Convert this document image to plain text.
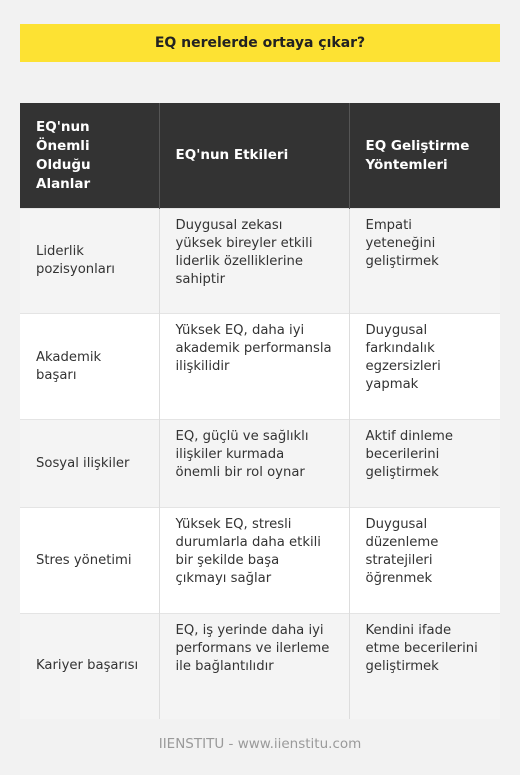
EQ nerelerde ortaya çıkar?
EQ'nun Önemli Olduğu Alanlar	EQ'nun Etkileri	EQ Geliştirme Yöntemleri
Liderlik pozisyonları	Duygusal zekası yüksek bireyler etkili liderlik özelliklerine sahiptir	Empati yeteneğini geliştirmek
Akademik başarı	Yüksek EQ, daha iyi akademik performansla ilişkilidir	Duygusal farkındalık egzersizleri yapmak
Sosyal ilişkiler	EQ, güçlü ve sağlıklı ilişkiler kurmada önemli bir rol oynar	Aktif dinleme becerilerini geliştirmek
Stres yönetimi	Yüksek EQ, stresli durumlarla daha etkili bir şekilde başa çıkmayı sağlar	Duygusal düzenleme stratejileri öğrenmek
Kariyer başarısı	EQ, iş yerinde daha iyi performans ve ilerleme ile bağlantılıdır	Kendini ifade etme becerilerini geliştirmek
IIENSTITU - www.iienstitu.com
